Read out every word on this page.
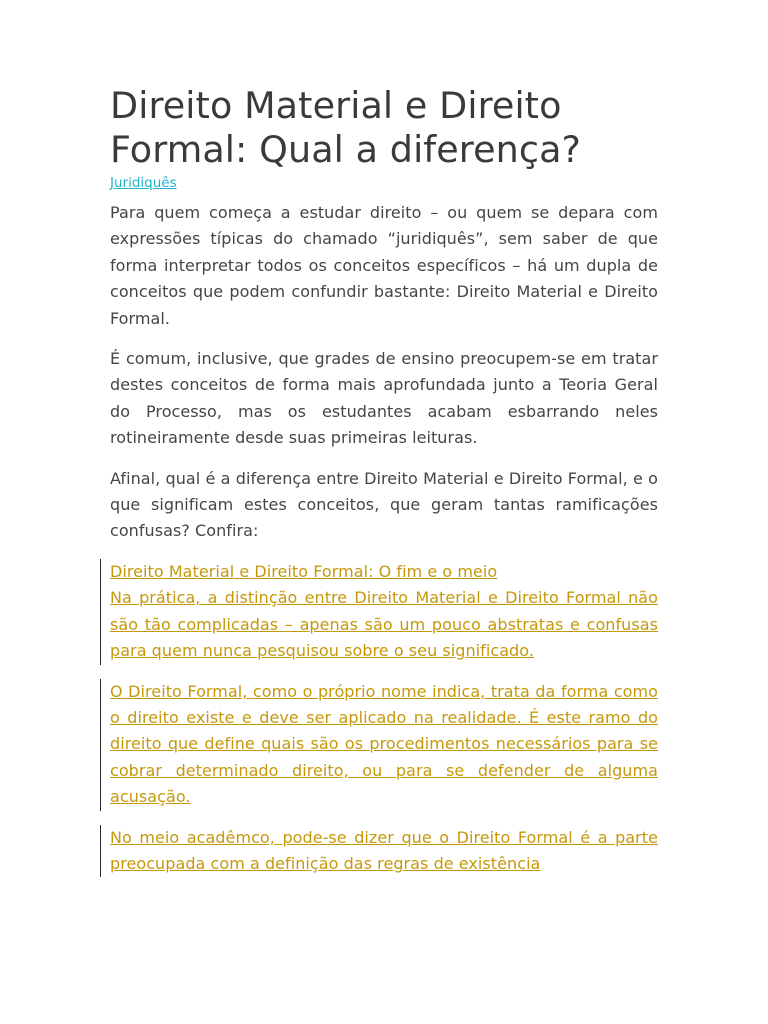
Direito Material e Direito Formal: Qual a diferença?
Juridiquês

Para quem começa a estudar direito – ou quem se depara com expressões típicas do chamado “juridiquês”, sem saber de que forma interpretar todos os conceitos específicos – há um dupla de conceitos que podem confundir bastante: Direito Material e Direito Formal.

É comum, inclusive, que grades de ensino preocupem-se em tratar destes conceitos de forma mais aprofundada junto a Teoria Geral do Processo, mas os estudantes acabam esbarrando neles rotineiramente desde suas primeiras leituras.

Afinal, qual é a diferença entre Direito Material e Direito Formal, e o que significam estes conceitos, que geram tantas ramificações confusas? Confira:

Direito Material e Direito Formal: O fim e o meio
Na prática, a distinção entre Direito Material e Direito Formal não são tão complicadas – apenas são um pouco abstratas e confusas para quem nunca pesquisou sobre o seu significado.

O Direito Formal, como o próprio nome indica, trata da forma como o direito existe e deve ser aplicado na realidade. É este ramo do direito que define quais são os procedimentos necessários para se cobrar determinado direito, ou para se defender de alguma acusação.

No meio acadêmco, pode-se dizer que o Direito Formal é a parte preocupada com a definição das regras de existência
